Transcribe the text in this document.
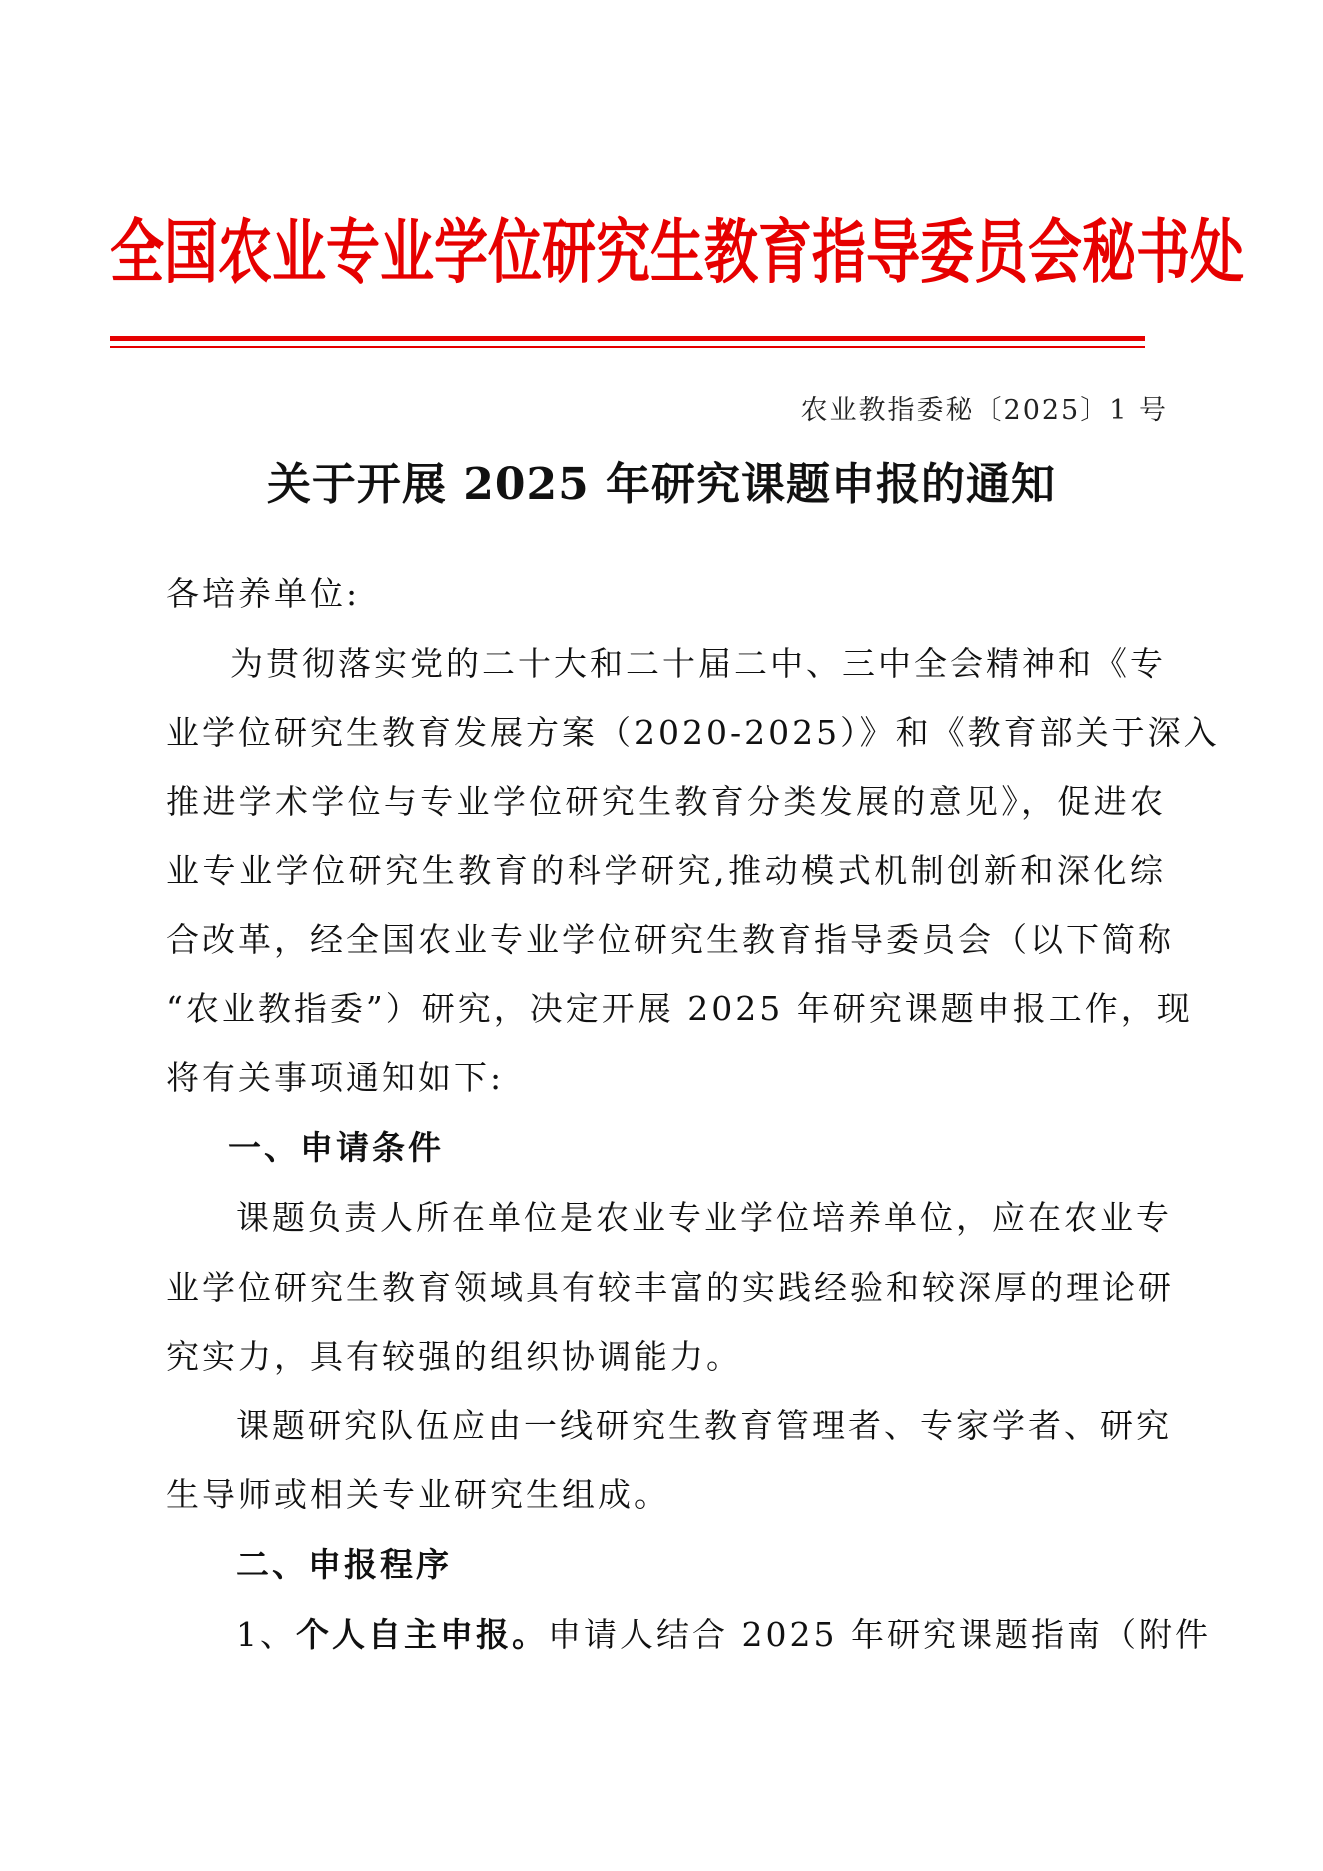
全国农业专业学位研究生教育指导委员会秘书处
农业教指委秘〔2025〕1 号
关于开展 2025 年研究课题申报的通知
各培养单位:
为贯彻落实党的二十大和二十届二中、三中全会精神和《专
业学位研究生教育发展方案（2020-2025）》和《教育部关于深入
推进学术学位与专业学位研究生教育分类发展的意见》，促进农
业专业学位研究生教育的科学研究,推动模式机制创新和深化综
合改革，经全国农业专业学位研究生教育指导委员会（以下简称
“农业教指委”）研究，决定开展 2025 年研究课题申报工作，现
将有关事项通知如下:
一、申请条件
课题负责人所在单位是农业专业学位培养单位，应在农业专
业学位研究生教育领域具有较丰富的实践经验和较深厚的理论研
究实力，具有较强的组织协调能力。
课题研究队伍应由一线研究生教育管理者、专家学者、研究
生导师或相关专业研究生组成。
二、申报程序
1、个人自主申报。申请人结合 2025 年研究课题指南（附件
